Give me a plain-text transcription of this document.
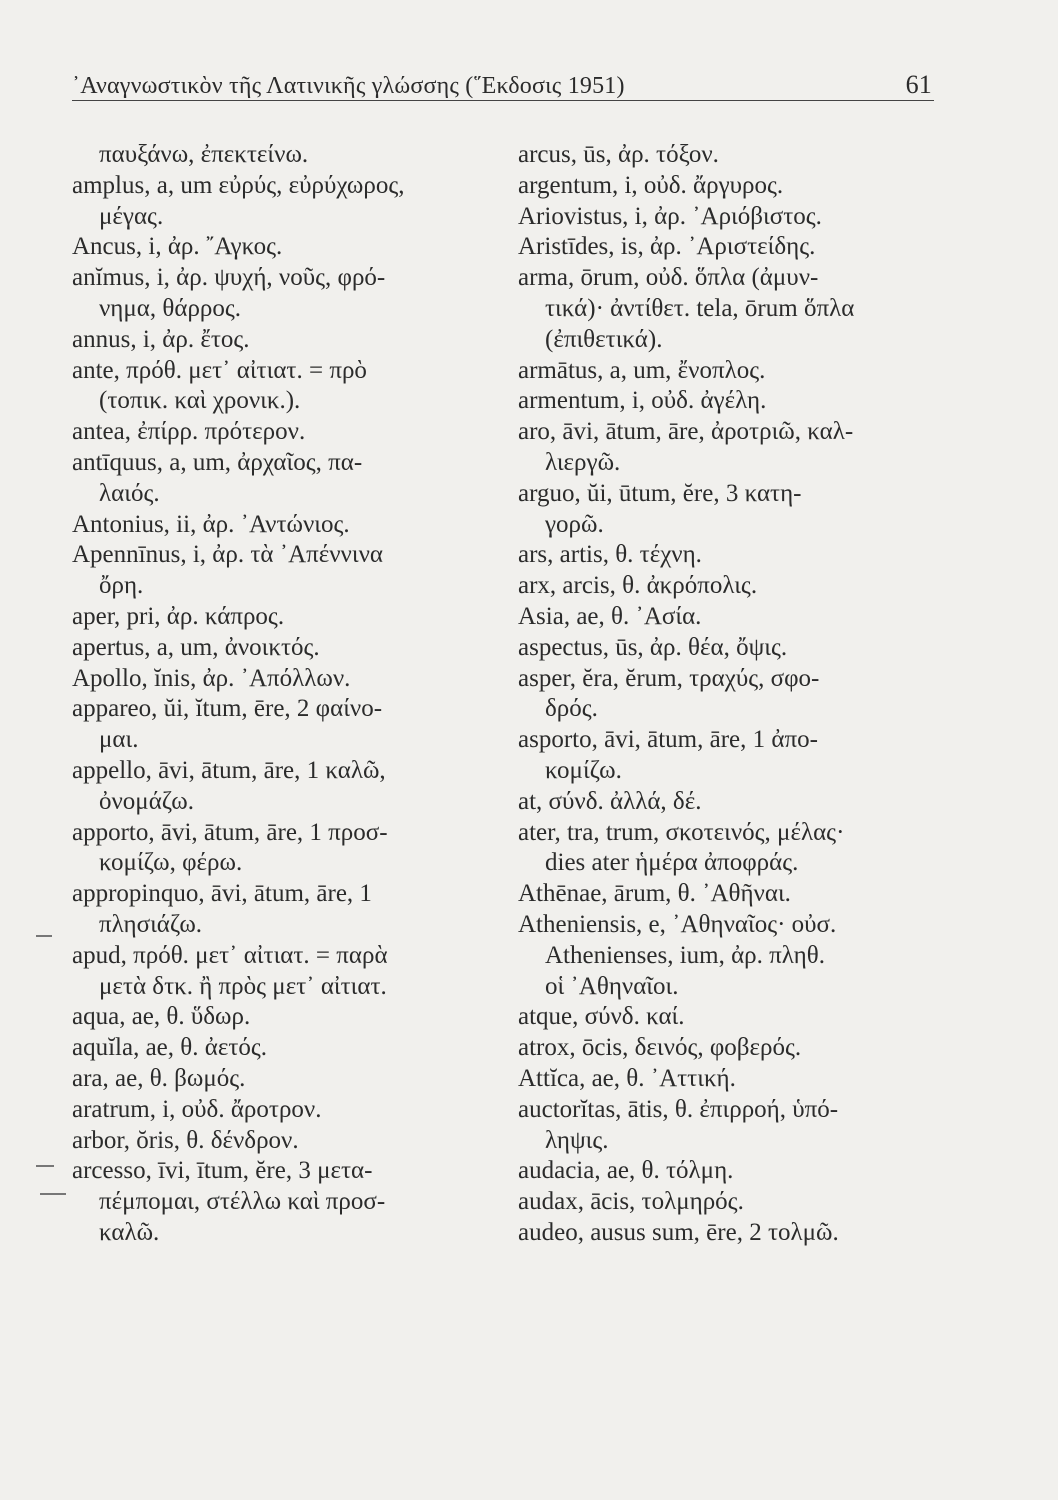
᾿Αναγνωστικὸν τῆς Λατινικῆς γλώσσης (῞Εκδοσις 1951)	61
παυξάνω, ἐπεκτείνω.
amplus, a, um εὐρύς, εὐρύχωρος,
μέγας.
Ancus, i, ἀρ. ῎Αγκος.
anĭmus, i, ἀρ. ψυχή, νοῦς, φρό-
νημα, θάρρος.
annus, i, ἀρ. ἔτος.
ante, πρόθ. μετ᾿ αἰτιατ. = πρὸ
(τοπικ. καὶ χρονικ.).
antea, ἐπίρρ. πρότερον.
antīquus, a, um, ἀρχαῖος, πα-
λαιός.
Antonius, ii, ἀρ. ᾿Αντώνιος.
Apennīnus, i, ἀρ. τὰ ᾿Απέννινα
ὄρη.
aper, pri, ἀρ. κάπρος.
apertus, a, um, ἀνοικτός.
Apollo, ĭnis, ἀρ. ᾿Απόλλων.
appareo, ŭi, ĭtum, ēre, 2 φαίνο-
μαι.
appello, āvi, ātum, āre, 1 καλῶ,
ὀνομάζω.
apporto, āvi, ātum, āre, 1 προσ-
κομίζω, φέρω.
appropinquo, āvi, ātum, āre, 1
πλησιάζω.
apud, πρόθ. μετ᾿ αἰτιατ. = παρὰ
μετὰ δτκ. ἢ πρὸς μετ᾿ αἰτιατ.
aqua, ae, θ. ὕδωρ.
aquĭla, ae, θ. ἀετός.
ara, ae, θ. βωμός.
aratrum, i, οὐδ. ἄροτρον.
arbor, ŏris, θ. δένδρον.
arcesso, īvi, ītum, ĕre, 3 μετα-
πέμπομαι, στέλλω καὶ προσ-
καλῶ.
arcus, ūs, ἀρ. τόξον.
argentum, i, οὐδ. ἄργυρος.
Ariovistus, i, ἀρ. ᾿Αριόβιστος.
Aristīdes, is, ἀρ. ᾿Αριστείδης.
arma, ōrum, οὐδ. ὅπλα (ἀμυν-
τικά)· ἀντίθετ. tela, ōrum ὅπλα
(ἐπιθετικά).
armātus, a, um, ἔνοπλος.
armentum, i, οὐδ. ἀγέλη.
aro, āvi, ātum, āre, ἀροτριῶ, καλ-
λιεργῶ.
arguo, ŭi, ūtum, ĕre, 3 κατη-
γορῶ.
ars, artis, θ. τέχνη.
arx, arcis, θ. ἀκρόπολις.
Asia, ae, θ. ᾿Ασία.
aspectus, ūs, ἀρ. θέα, ὄψις.
asper, ĕra, ĕrum, τραχύς, σφο-
δρός.
asporto, āvi, ātum, āre, 1 ἀπο-
κομίζω.
at, σύνδ. ἀλλά, δέ.
ater, tra, trum, σκοτεινός, μέλας·
dies ater ἡμέρα ἀποφράς.
Athēnae, ārum, θ. ᾿Αθῆναι.
Atheniensis, e, ᾿Αθηναῖος· οὐσ.
Athenienses, ium, ἀρ. πληθ.
οἱ ᾿Αθηναῖοι.
atque, σύνδ. καί.
atrox, ōcis, δεινός, φοβερός.
Attĭca, ae, θ. ᾿Αττική.
auctorĭtas, ātis, θ. ἐπιρροή, ὑπό-
ληψις.
audacia, ae, θ. τόλμη.
audax, ācis, τολμηρός.
audeo, ausus sum, ēre, 2 τολμῶ.
